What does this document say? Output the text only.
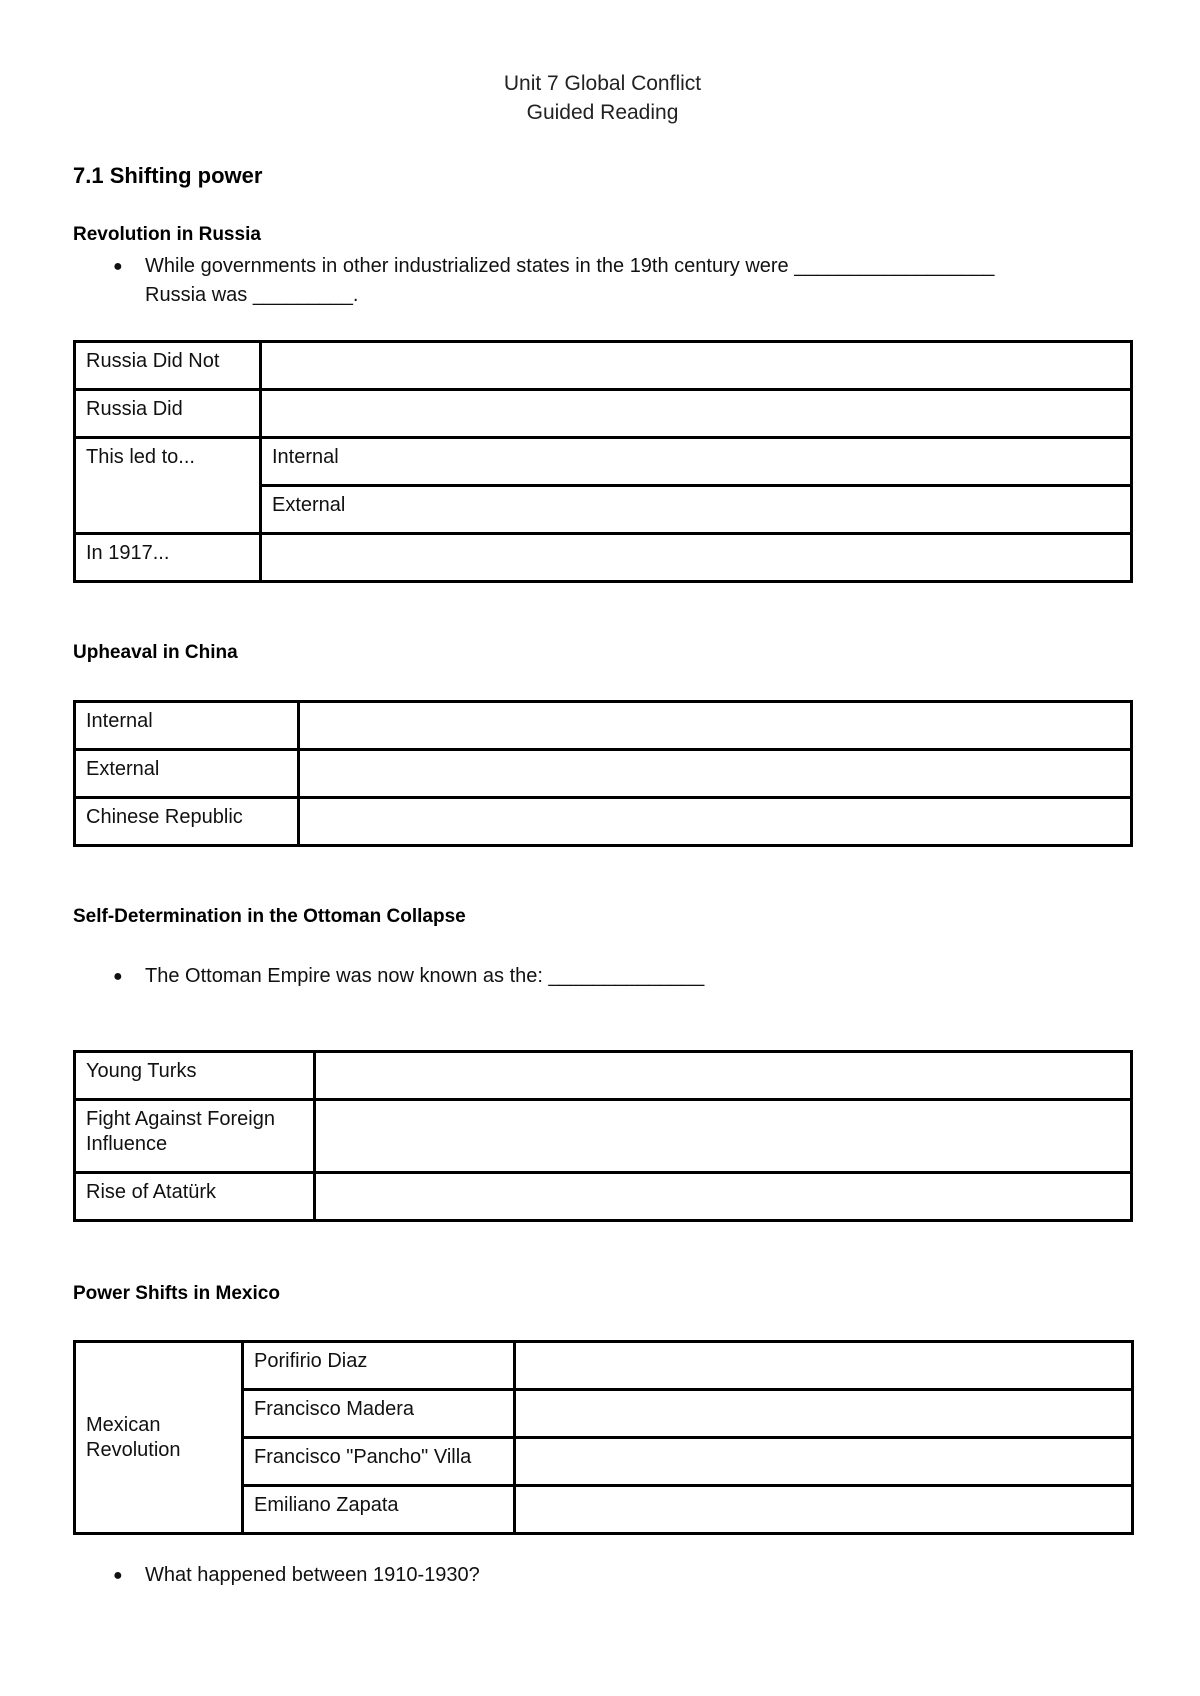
Unit 7 Global Conflict
Guided Reading
7.1 Shifting power
Revolution in Russia
● While governments in other industrialized states in the 19th century were __________________
Russia was _________.
Russia Did Not	
Russia Did	
This led to...	Internal
	External
In 1917...	
Upheaval in China
Internal	
External	
Chinese Republic	
Self-Determination in the Ottoman Collapse
● The Ottoman Empire was now known as the: ______________
Young Turks	
Fight Against Foreign Influence	
Rise of Atatürk	
Power Shifts in Mexico
Mexican Revolution	Porifirio Diaz	
	Francisco Madera	
	Francisco "Pancho" Villa	
	Emiliano Zapata	
● What happened between 1910-1930?
